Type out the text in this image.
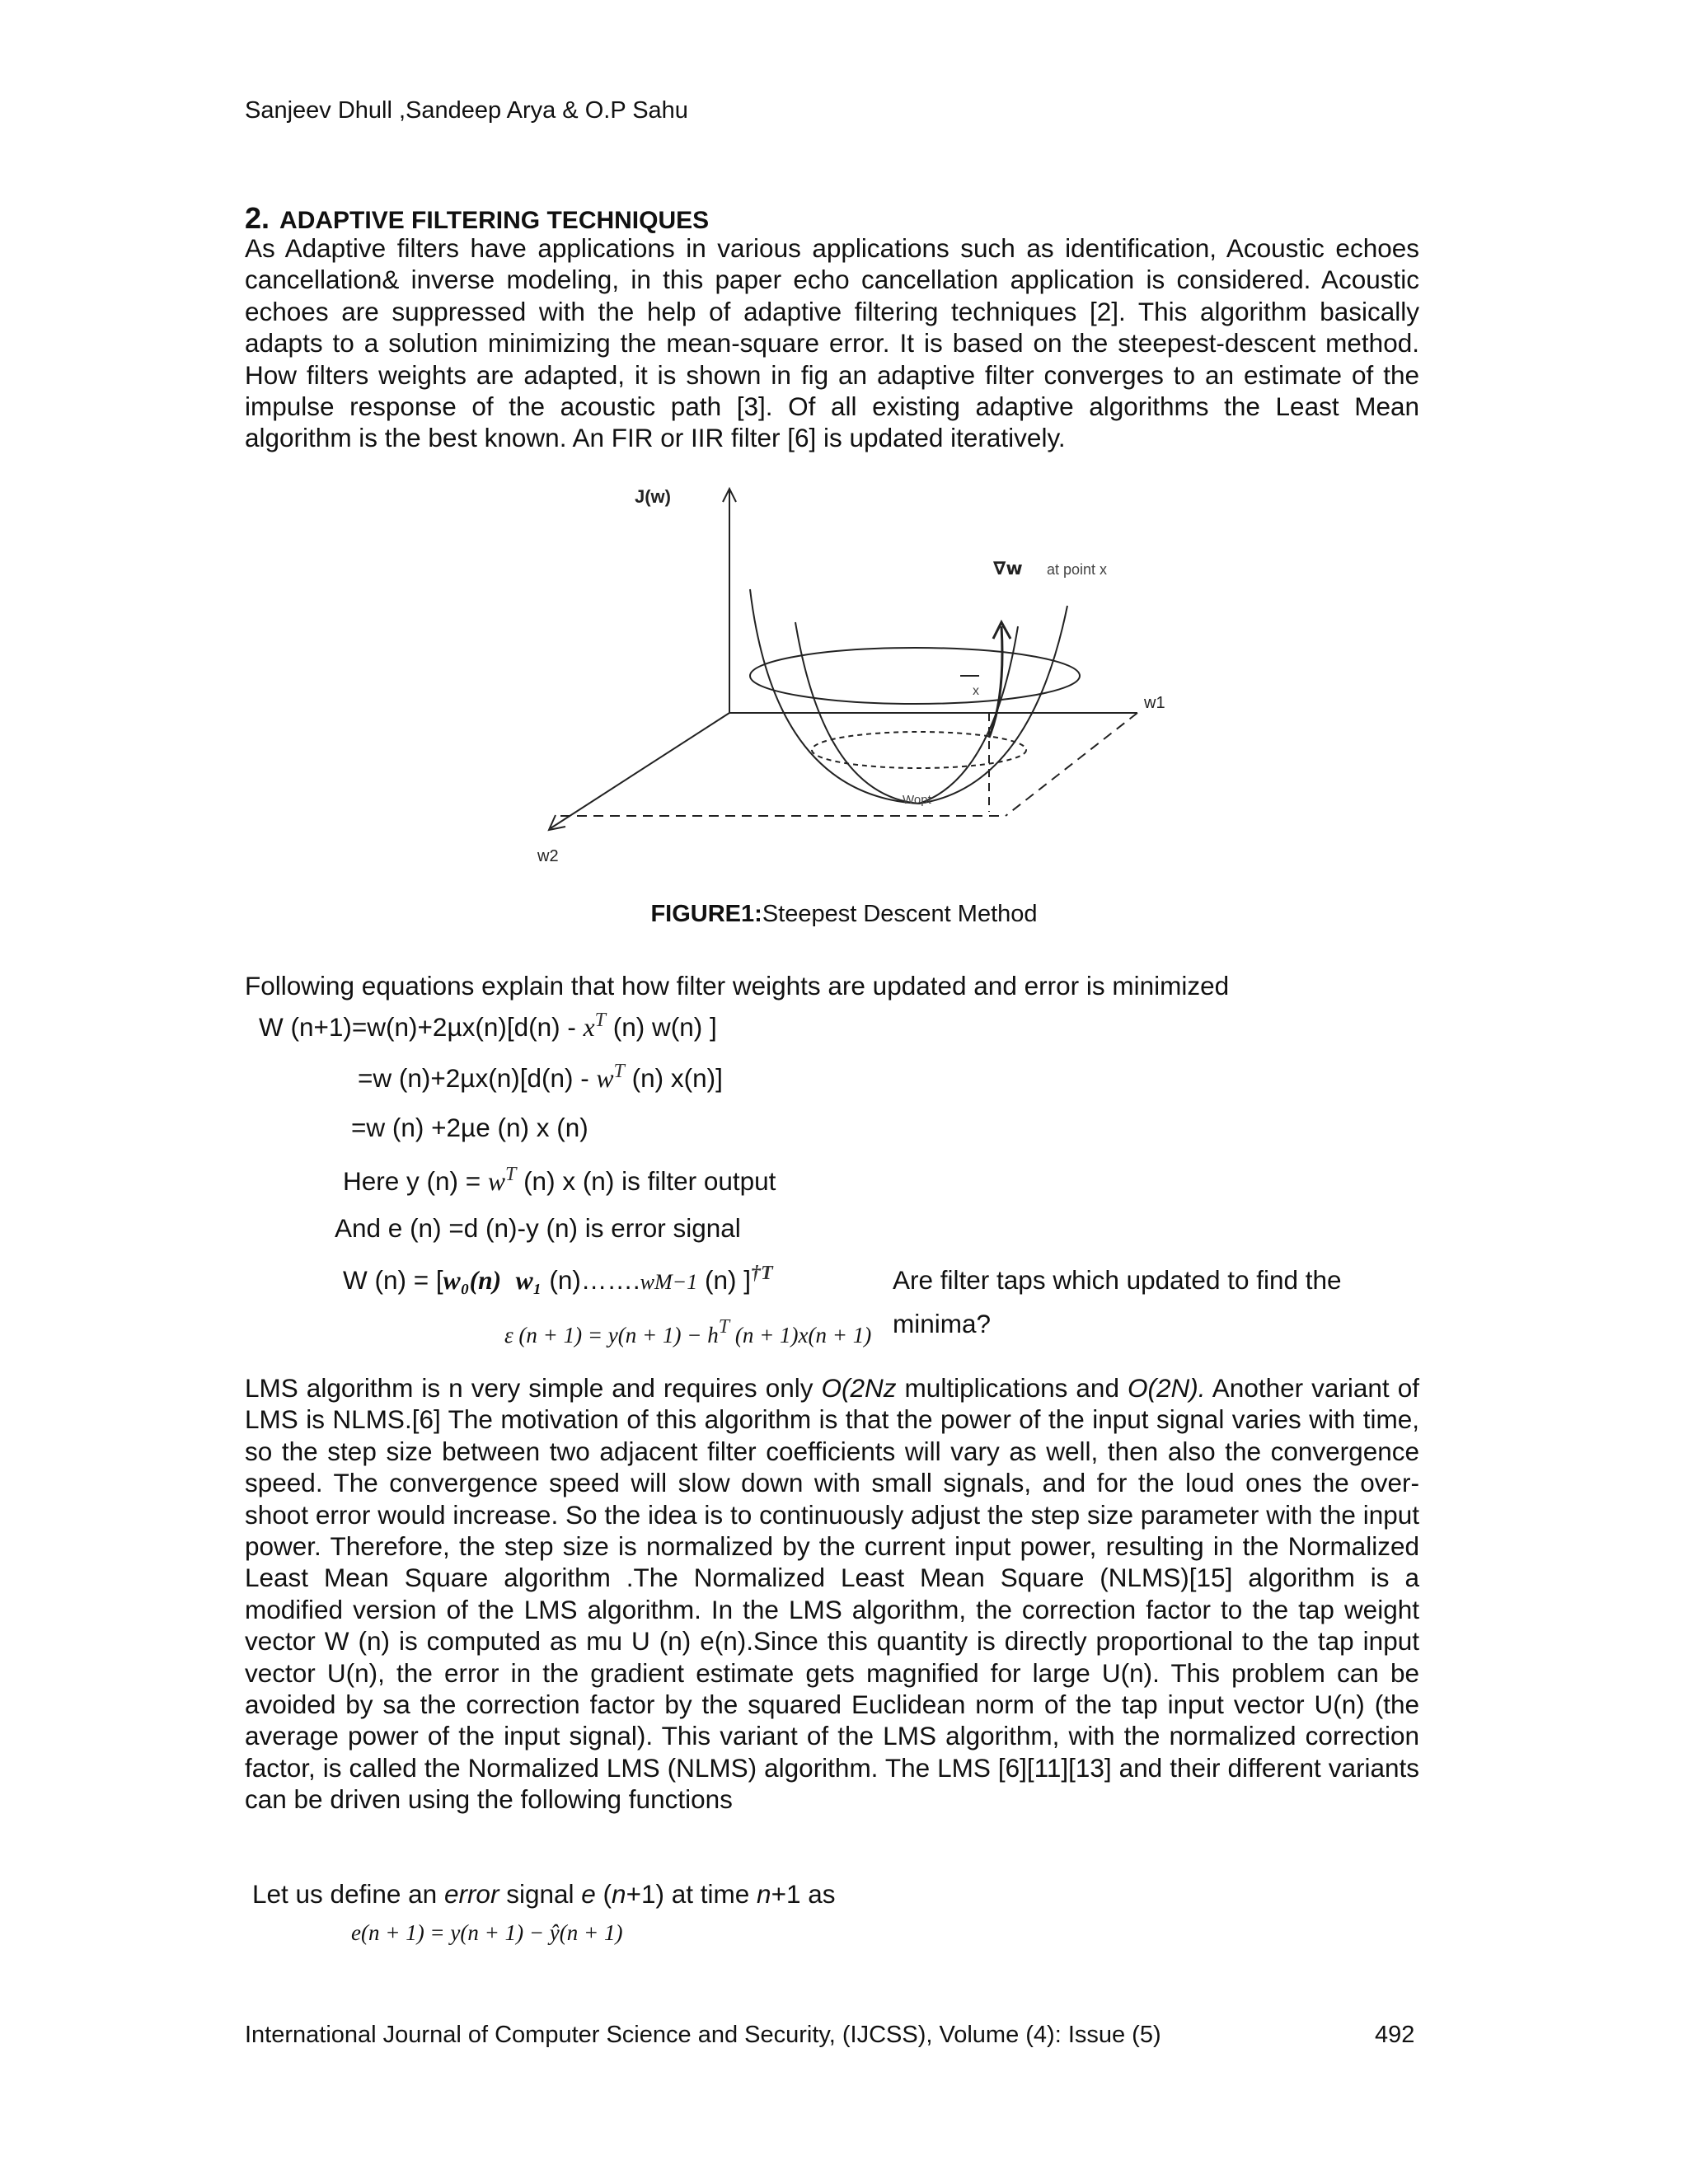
Sanjeev Dhull ,Sandeep Arya & O.P Sahu
2. ADAPTIVE FILTERING TECHNIQUES
As Adaptive filters have applications in various applications such as identification, Acoustic echoes cancellation& inverse modeling, in this paper echo cancellation application is considered. Acoustic echoes are suppressed with the help of adaptive filtering techniques [2]. This algorithm basically adapts to a solution minimizing the mean-square error. It is based on the steepest-descent method. How filters weights are adapted, it is shown in fig an adaptive filter converges to an estimate of the impulse response of the acoustic path [3]. Of all existing adaptive algorithms the Least Mean algorithm is the best known. An FIR or IIR filter [6] is updated iteratively.
J(w)
w1
w2
∇w at point x
x
Wopt
FIGURE1:Steepest Descent Method
Following equations explain that how filter weights are updated and error is minimized
W $(n+1)=w(n)+2\mu x(n)[d(n) - x^T$ (n) w(n) ]
=w $(n)+2\mu x(n)[d(n) - w^T$ (n) x(n)]
=w (n) +2µe (n) x (n)
Here y $(n) = w^T$ (n) x (n) is filter output
And e (n) =d (n)-y (n) is error signal
W (n) = [w₀(n) w₁ (n)…….wM−1 (n) ]$^{\dagger T}$	Are filter taps which updated to find the
minima?
ε (n + 1) = y(n + 1) − hT (n + 1)x(n + 1)
LMS algorithm is n very simple and requires only O(2Nz multiplications and O(2N). Another variant of LMS is NLMS.[6] The motivation of this algorithm is that the power of the input signal varies with time, so the step size between two adjacent filter coefficients will vary as well, then also the convergence speed. The convergence speed will slow down with small signals, and for the loud ones the over-shoot error would increase. So the idea is to continuously adjust the step size parameter with the input power. Therefore, the step size is normalized by the current input power, resulting in the Normalized Least Mean Square algorithm .The Normalized Least Mean Square (NLMS)[15] algorithm is a modified version of the LMS algorithm. In the LMS algorithm, the correction factor to the tap weight vector W (n) is computed as mu U (n) e(n).Since this quantity is directly proportional to the tap input vector U(n), the error in the gradient estimate gets magnified for large U(n). This problem can be avoided by sa the correction factor by the squared Euclidean norm of the tap input vector U(n) (the average power of the input signal). This variant of the LMS algorithm, with the normalized correction factor, is called the Normalized LMS (NLMS) algorithm. The LMS [6][11][13] and their different variants can be driven using the following functions
Let us define an error signal e (n+1) at time n+1 as
e(n + 1) = y(n + 1) − ŷ(n + 1)
International Journal of Computer Science and Security, (IJCSS), Volume (4): Issue (5)	492
